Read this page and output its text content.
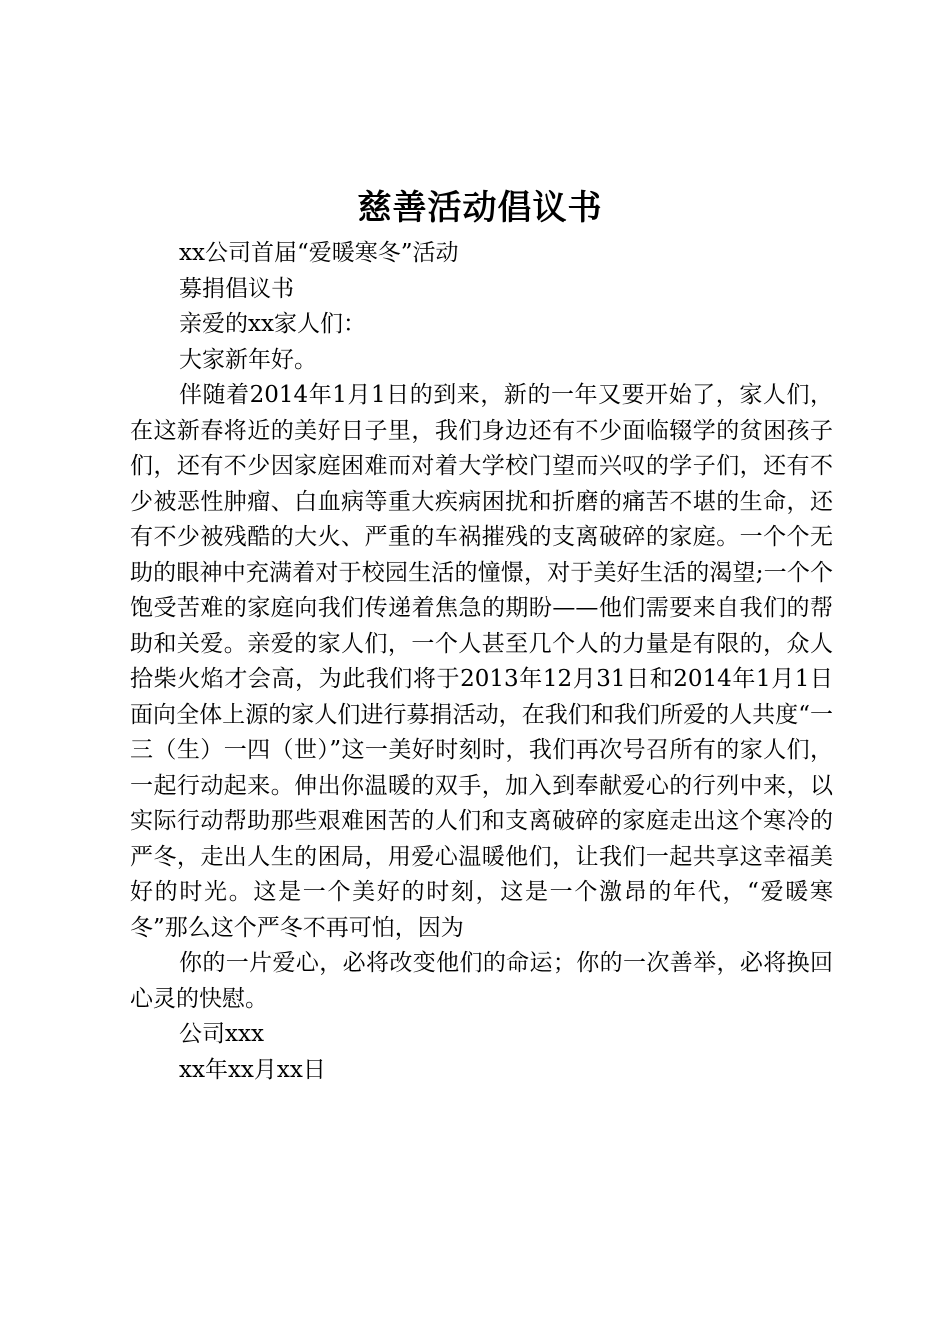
慈善活动倡议书

xx公司首届“爱暖寒冬”活动

募捐倡议书

亲爱的xx家人们：

大家新年好。

伴随着2014年1月1日的到来，新的一年又要开始了，家人们，在这新春将近的美好日子里，我们身边还有不少面临辍学的贫困孩子们，还有不少因家庭困难而对着大学校门望而兴叹的学子们，还有不少被恶性肿瘤、白血病等重大疾病困扰和折磨的痛苦不堪的生命，还有不少被残酷的大火、严重的车祸摧残的支离破碎的家庭。一个个无助的眼神中充满着对于校园生活的憧憬，对于美好生活的渴望;一个个饱受苦难的家庭向我们传递着焦急的期盼——他们需要来自我们的帮助和关爱。亲爱的家人们，一个人甚至几个人的力量是有限的，众人拾柴火焰才会高，为此我们将于2013年12月31日和2014年1月1日面向全体上源的家人们进行募捐活动，在我们和我们所爱的人共度“一三（生）一四（世）”这一美好时刻时，我们再次号召所有的家人们，一起行动起来。伸出你温暖的双手，加入到奉献爱心的行列中来，以实际行动帮助那些艰难困苦的人们和支离破碎的家庭走出这个寒冷的严冬，走出人生的困局，用爱心温暖他们，让我们一起共享这幸福美好的时光。这是一个美好的时刻，这是一个激昂的年代，“爱暖寒冬”那么这个严冬不再可怕，因为

你的一片爱心，必将改变他们的命运；你的一次善举，必将换回心灵的快慰。

公司xxx

xx年xx月xx日
